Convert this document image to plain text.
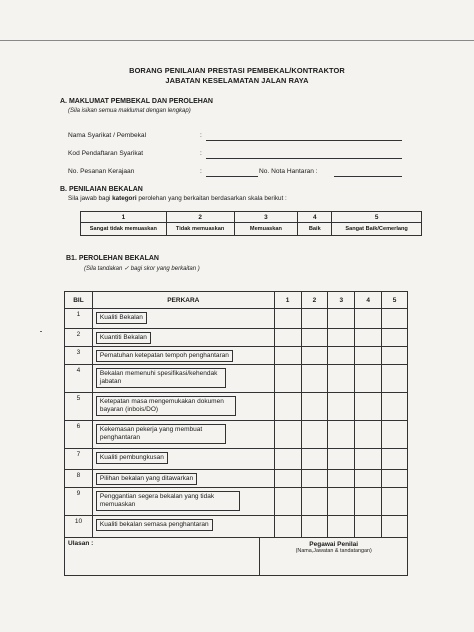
BORANG PENILAIAN PRESTASI PEMBEKAL/KONTRAKTOR
JABATAN KESELAMATAN JALAN RAYA
A. MAKLUMAT PEMBEKAL DAN PEROLEHAN
(Sila isikan semua maklumat dengan lengkap)
Nama Syarikat / Pembekal	:
Kod Pendaftaran Syarikat	:
No. Pesanan Kerajaan	:	No. Nota Hantaran :
B. PENILAIAN BEKALAN
Sila jawab bagi kategori perolehan yang berkaitan berdasarkan skala berikut :
1	2	3	4	5
Sangat tidak memuaskan	Tidak memuaskan	Memuaskan	Baik	Sangat Baik/Cemerlang
B1. PEROLEHAN BEKALAN
(Sila tandakan ✓ bagi skor yang berkaitan )
BIL	PERKARA	1	2	3	4	5
1	Kualiti Bekalan					
2	Kuantiti Bekalan					
3	Pematuhan ketepatan tempoh penghantaran					
4	Bekalan memenuhi spesifikasi/kehendak jabatan					
5	Ketepatan masa mengemukakan dokumen bayaran (inbois/DO)					
6	Kekemasan pekerja yang membuat penghantaran					
7	Kualiti pembungkusan					
8	Pilihan bekalan yang ditawarkan					
9	Penggantian segera bekalan yang tidak memuaskan					
10	Kualiti bekalan semasa penghantaran					
Ulasan :	Pegawai Penilai
(Nama,Jawatan & tandatangan)
